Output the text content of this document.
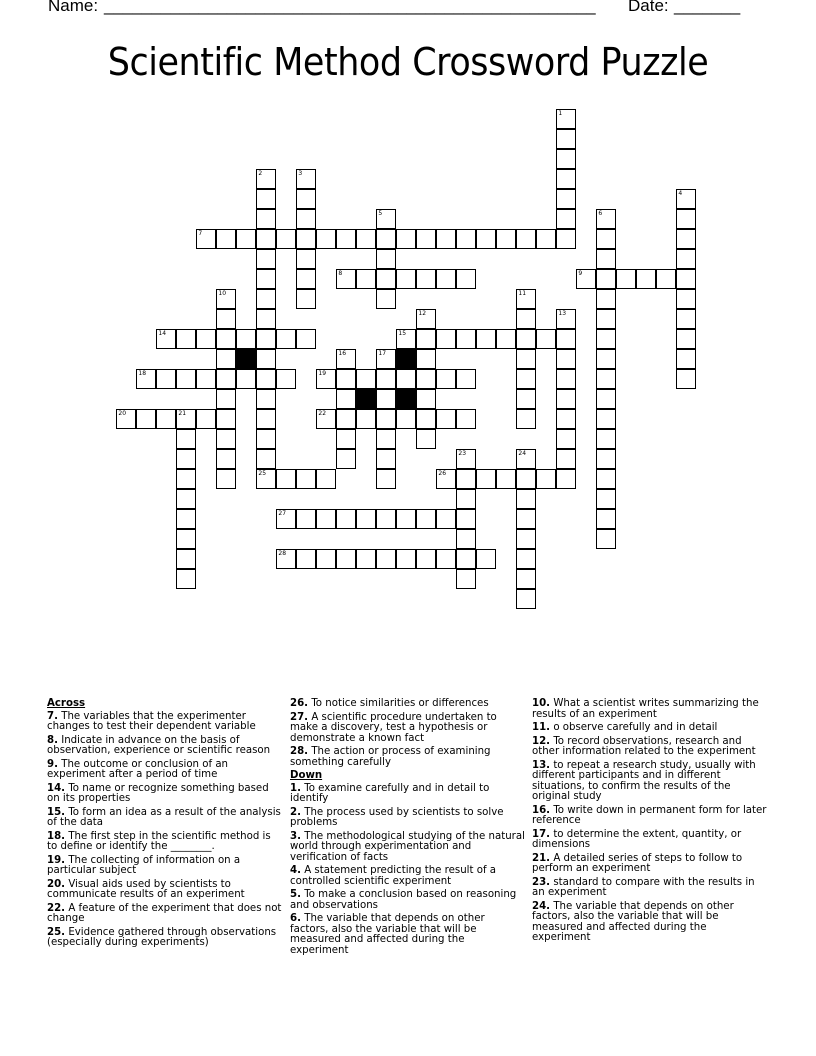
Name: ____________________________________________________ Date: _______
Scientific Method Crossword Puzzle
7
8	9
14	15
18	19
20	21	22
25	26
27
28
1
2	3
4
5	6
10	11
12	13
16	17
23	24
Across
7. The variables that the experimenter changes to test their dependent variable
8. Indicate in advance on the basis of observation, experience or scientific reason
9. The outcome or conclusion of an experiment after a period of time
14. To name or recognize something based on its properties
15. To form an idea as a result of the analysis of the data
18. The first step in the scientific method is to define or identify the ________.
19. The collecting of information on a particular subject
20. Visual aids used by scientists to communicate results of an experiment
22. A feature of the experiment that does not change
25. Evidence gathered through observations (especially during experiments)
26. To notice similarities or differences
27. A scientific procedure undertaken to make a discovery, test a hypothesis or demonstrate a known fact
28. The action or process of examining something carefully
Down
1. To examine carefully and in detail to identify
2. The process used by scientists to solve problems
3. The methodological studying of the natural world through experimentation and verification of facts
4. A statement predicting the result of a controlled scientific experiment
5. To make a conclusion based on reasoning and observations
6. The variable that depends on other factors, also the variable that will be measured and affected during the experiment
10. What a scientist writes summarizing the results of an experiment
11. o observe carefully and in detail
12. To record observations, research and other information related to the experiment
13. to repeat a research study, usually with different participants and in different situations, to confirm the results of the original study
16. To write down in permanent form for later reference
17. to determine the extent, quantity, or dimensions
21. A detailed series of steps to follow to perform an experiment
23. standard to compare with the results in an experiment
24. The variable that depends on other factors, also the variable that will be measured and affected during the experiment
